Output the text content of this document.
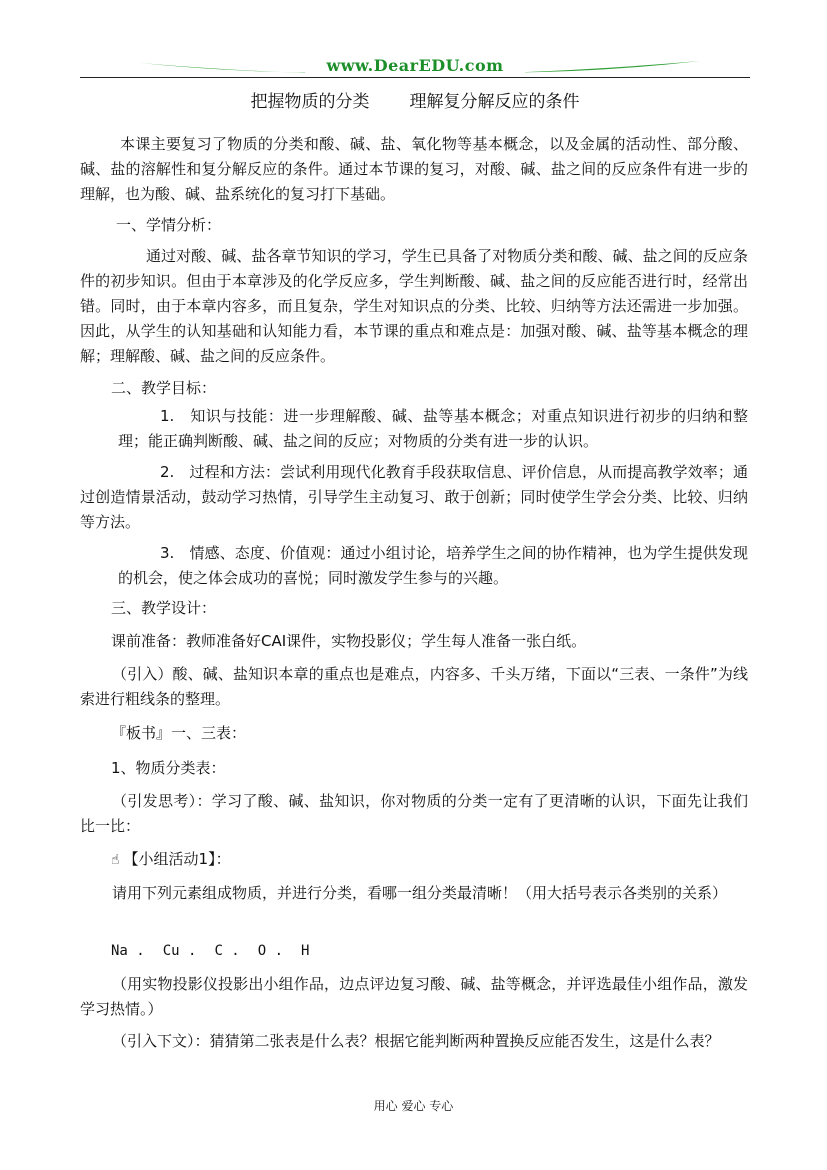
www.DearEDU.com
把握物质的分类 理解复分解反应的条件

本课主要复习了物质的分类和酸、碱、盐、氧化物等基本概念，以及金属的活动性、部分酸、碱、盐的溶解性和复分解反应的条件。通过本节课的复习，对酸、碱、盐之间的反应条件有进一步的理解，也为酸、碱、盐系统化的复习打下基础。

一、学情分析：

通过对酸、碱、盐各章节知识的学习，学生已具备了对物质分类和酸、碱、盐之间的反应条件的初步知识。但由于本章涉及的化学反应多，学生判断酸、碱、盐之间的反应能否进行时，经常出错。同时，由于本章内容多，而且复杂，学生对知识点的分类、比较、归纳等方法还需进一步加强。因此，从学生的认知基础和认知能力看，本节课的重点和难点是：加强对酸、碱、盐等基本概念的理解；理解酸、碱、盐之间的反应条件。

二、教学目标：

1.　知识与技能：进一步理解酸、碱、盐等基本概念；对重点知识进行初步的归纳和整理；能正确判断酸、碱、盐之间的反应；对物质的分类有进一步的认识。

2.　过程和方法：尝试利用现代化教育手段获取信息、评价信息，从而提高教学效率；通过创造情景活动，鼓动学习热情，引导学生主动复习、敢于创新；同时使学生学会分类、比较、归纳等方法。

3.　情感、态度、价值观：通过小组讨论，培养学生之间的协作精神，也为学生提供发现的机会，使之体会成功的喜悦；同时激发学生参与的兴趣。

三、教学设计：

课前准备：教师准备好CAI课件，实物投影仪；学生每人准备一张白纸。

（引入）酸、碱、盐知识本章的重点也是难点，内容多、千头万绪，下面以“三表、一条件”为线索进行粗线条的整理。

『板书』一、三表：

1、物质分类表：

（引发思考）：学习了酸、碱、盐知识，你对物质的分类一定有了更清晰的认识，下面先让我们比一比：

☝ 【小组活动1】：

请用下列元素组成物质，并进行分类，看哪一组分类最清晰！（用大括号表示各类别的关系）

Na . Cu . C . O . H

（用实物投影仪投影出小组作品，边点评边复习酸、碱、盐等概念，并评选最佳小组作品，激发学习热情。）

（引入下文）：猜猜第二张表是什么表？根据它能判断两种置换反应能否发生，这是什么表？

用心 爱心 专心
